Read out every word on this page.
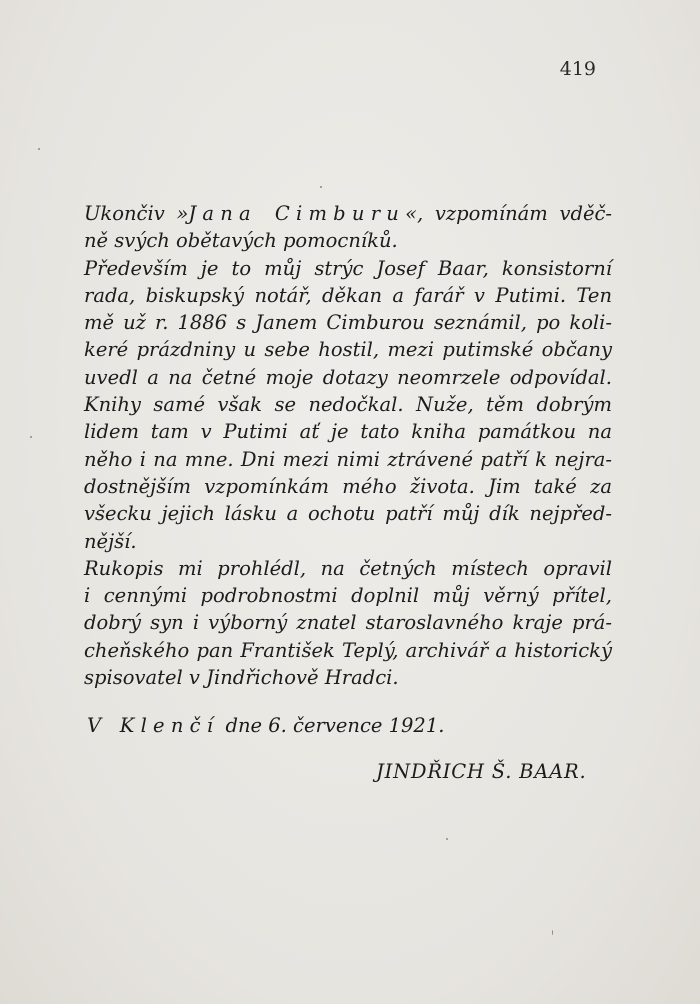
419
Ukončiv »Jana Cimburu«, vzpomínám vděč-
ně svých obětavých pomocníků.
Především je to můj strýc Josef Baar, konsistorní
rada, biskupský notář, děkan a farář v Putimi. Ten
mě už r. 1886 s Janem Cimburou seznámil, po koli-
keré prázdniny u sebe hostil, mezi putimské občany
uvedl a na četné moje dotazy neomrzele odpovídal.
Knihy samé však se nedočkal. Nuže, těm dobrým
lidem tam v Putimi ať je tato kniha památkou na
něho i na mne. Dni mezi nimi ztrávené patří k nejra-
dostnějším vzpomínkám mého života. Jim také za
všecku jejich lásku a ochotu patří můj dík nejpřed-
nější.
Rukopis mi prohlédl, na četných místech opravil
i cennými podrobnostmi doplnil můj věrný přítel,
dobrý syn i výborný znatel staroslavného kraje prá-
cheňského pan František Teplý, archivář a historický
spisovatel v Jindřichově Hradci.
V Klenčí dne 6. července 1921.
JINDŘICH Š. BAAR.
